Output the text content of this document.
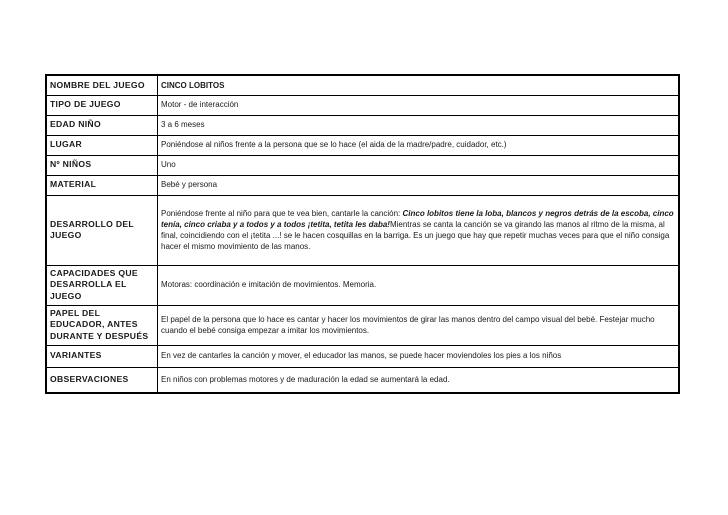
NOMBRE DEL JUEGO	CINCO LOBITOS
TIPO DE JUEGO	Motor - de interacción
EDAD NIÑO	3 a 6 meses
LUGAR	Poniéndose al niños frente a la persona que se lo hace (el aida de la madre/padre, cuidador, etc.)
Nº NIÑOS	Uno
MATERIAL	Bebé y persona
DESARROLLO DEL JUEGO	Poniéndose frente al niño para que te vea bien, cantarle la canción: Cinco lobitos tiene la loba, blancos y negros detrás de la escoba, cinco tenía, cinco criaba y a todos y a todos ¡tetita, tetita les daba!Mientras se canta la canción se va girando las manos al ritmo de la misma, al final, coincidiendo con el ¡tetita ...! se le hacen cosquillas en la barriga. Es un juego que hay que repetir muchas veces para que el niño consiga hacer el mismo movimiento de las manos.
CAPACIDADES QUE DESARROLLA EL JUEGO	Motoras: coordinación e imitación de movimientos. Memoria.
PAPEL DEL EDUCADOR, ANTES DURANTE Y DESPUÉS	El papel de la persona que lo hace es cantar y hacer los movimientos de girar las manos dentro del campo visual del bebé. Festejar mucho cuando el bebé consiga empezar a imitar los movimientos.
VARIANTES	En vez de cantarles la canción y mover, el educador las manos, se puede hacer moviendoles los pies a los niños
OBSERVACIONES	En niños con problemas motores y de maduración la edad se aumentará la edad.
